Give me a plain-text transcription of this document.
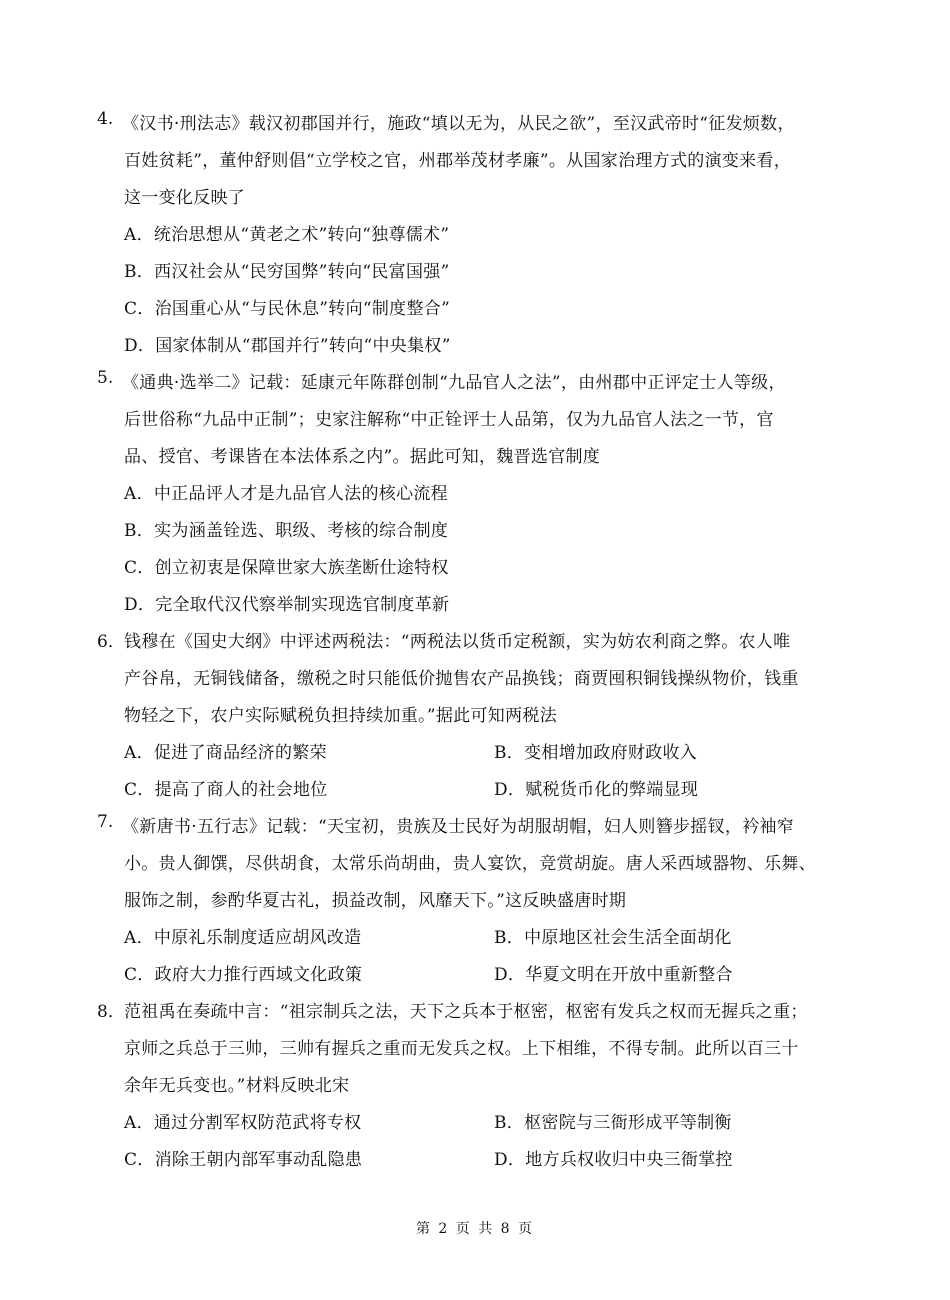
4. 《汉书·刑法志》载汉初郡国并行，施政“填以无为，从民之欲”，至汉武帝时“征发烦数，
百姓贫耗”，董仲舒则倡“立学校之官，州郡举茂材孝廉”。从国家治理方式的演变来看，
这一变化反映了
A．统治思想从“黄老之术”转向“独尊儒术”
B．西汉社会从“民穷国弊”转向“民富国强”
C．治国重心从“与民休息”转向“制度整合”
D．国家体制从“郡国并行”转向“中央集权”
5. 《通典·选举二》记载：延康元年陈群创制“九品官人之法”，由州郡中正评定士人等级，
后世俗称“九品中正制”；史家注解称“中正铨评士人品第，仅为九品官人法之一节，官
品、授官、考课皆在本法体系之内”。据此可知，魏晋选官制度
A．中正品评人才是九品官人法的核心流程
B．实为涵盖铨选、职级、考核的综合制度
C．创立初衷是保障世家大族垄断仕途特权
D．完全取代汉代察举制实现选官制度革新
6． 钱穆在《国史大纲》中评述两税法：“两税法以货币定税额，实为妨农利商之弊。农人唯
产谷帛，无铜钱储备，缴税之时只能低价抛售农产品换钱；商贾囤积铜钱操纵物价，钱重
物轻之下，农户实际赋税负担持续加重。”据此可知两税法
A．促进了商品经济的繁荣	B．变相增加政府财政收入
C．提高了商人的社会地位	D．赋税货币化的弊端显现
7. 《新唐书·五行志》记载：“天宝初，贵族及士民好为胡服胡帽，妇人则簪步摇钗，衿袖窄
小。贵人御馔，尽供胡食，太常乐尚胡曲，贵人宴饮，竞赏胡旋。唐人采西域器物、乐舞、
服饰之制，参酌华夏古礼，损益改制，风靡天下。”这反映盛唐时期
A．中原礼乐制度适应胡风改造	B．中原地区社会生活全面胡化
C．政府大力推行西域文化政策	D．华夏文明在开放中重新整合
8． 范祖禹在奏疏中言：“祖宗制兵之法，天下之兵本于枢密，枢密有发兵之权而无握兵之重；
京师之兵总于三帅，三帅有握兵之重而无发兵之权。上下相维，不得专制。此所以百三十
余年无兵变也。”材料反映北宋
A．通过分割军权防范武将专权	B．枢密院与三衙形成平等制衡
C．消除王朝内部军事动乱隐患	D．地方兵权收归中央三衙掌控
第 2 页 共 8 页
